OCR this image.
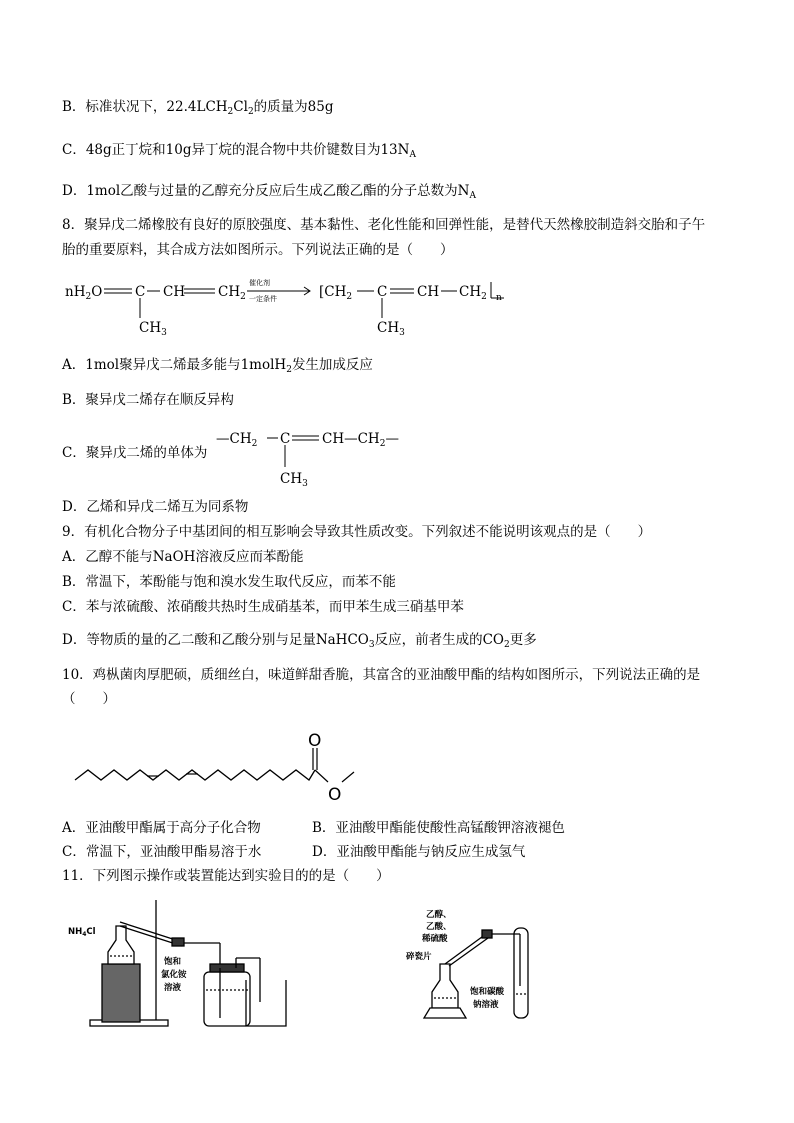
B．标准状况下，$22.4LCH_2Cl_2$的质量为85g
C．48g正丁烷和10g异丁烷的混合物中共价键数目为$13N_A$
D．1mol乙酸与过量的乙醇充分反应后生成乙酸乙酯的分子总数为$N_A$
8．聚异戊二烯橡胶有良好的原胶强度、基本黏性、老化性能和回弹性能，是替代天然橡胶制造斜交胎和子午
胎的重要原料，其合成方法如图所示。下列说法正确的是（　　）
$nH_2O$ C CH $CH_2$
$CH_3$
催化剂
一定条件	[$CH_2$ C CH $CH_2$ n
$CH_3$
A．1mol聚异戊二烯最多能与1molH$_2$发生加成反应
B．聚异戊二烯存在顺反异构
C．聚异戊二烯的单体为
$—CH_2$ C $CH—CH_2—$
$CH_3$
D．乙烯和异戊二烯互为同系物
9．有机化合物分子中基团间的相互影响会导致其性质改变。下列叙述不能说明该观点的是（　　）
A．乙醇不能与NaOH溶液反应而苯酚能
B．常温下，苯酚能与饱和溴水发生取代反应，而苯不能
C．苯与浓硫酸、浓硝酸共热时生成硝基苯，而甲苯生成三硝基甲苯
D．等物质的量的乙二酸和乙酸分别与足量NaHCO$_3$反应，前者生成的$CO_2$更多
10．鸡枞菌肉厚肥硕，质细丝白，味道鲜甜香脆，其富含的亚油酸甲酯的结构如图所示，下列说法正确的是
（　　）
O
O
A．亚油酸甲酯属于高分子化合物	B．亚油酸甲酯能使酸性高锰酸钾溶液褪色
C．常温下，亚油酸甲酯易溶于水	D．亚油酸甲酯能与钠反应生成氢气
11．下列图示操作或装置能达到实验目的的是（　　）
$NH_4Cl$
饱和
氯化铵
溶液
乙醇、
乙酸、
稀硫酸
碎瓷片
饱和碳酸
钠溶液
